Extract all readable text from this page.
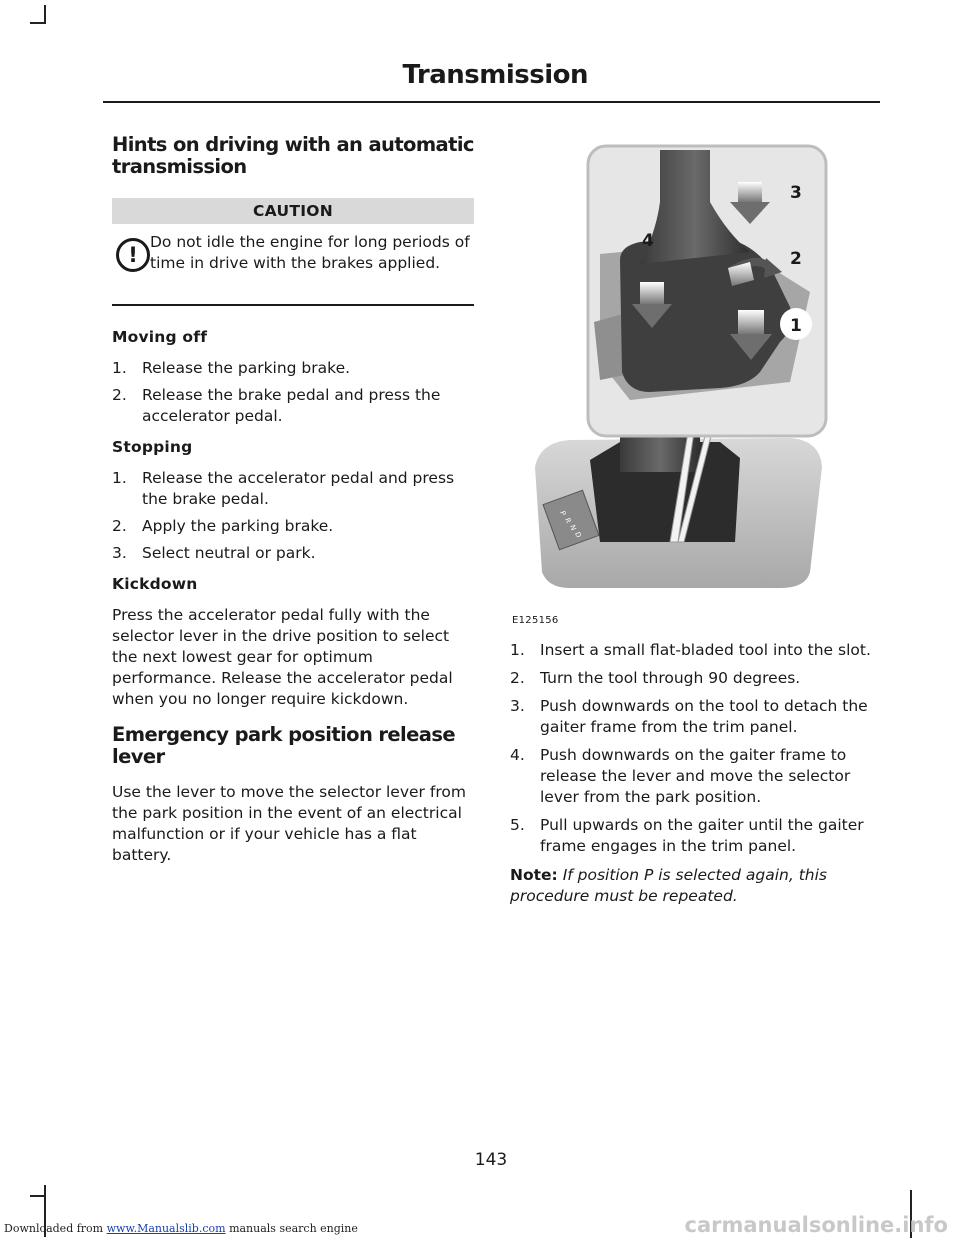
Transmission
Hints on driving with an automatic transmission
CAUTION
!
Do not idle the engine for long periods of time in drive with the brakes applied.
Moving off
1. Release the parking brake.
2. Release the brake pedal and press the accelerator pedal.
Stopping
1. Release the accelerator pedal and press the brake pedal.
2. Apply the parking brake.
3. Select neutral or park.
Kickdown

Press the accelerator pedal fully with the selector lever in the drive position to select the next lowest gear for optimum performance. Release the accelerator pedal when you no longer require kickdown.

Emergency park position release lever

Use the lever to move the selector lever from the park position in the event of an electrical malfunction or if your vehicle has a flat battery.

P
R
N
D
1
2
3
4
E125156
1. Insert a small flat-bladed tool into the slot.
2. Turn the tool through 90 degrees.
3. Push downwards on the tool to detach the gaiter frame from the trim panel.
4. Push downwards on the gaiter frame to release the lever and move the selector lever from the park position.
5. Pull upwards on the gaiter until the gaiter frame engages in the trim panel.

Note: If position P is selected again, this procedure must be repeated.

143
Downloaded from www.Manualslib.com manuals search engine	carmanualsonline.info
